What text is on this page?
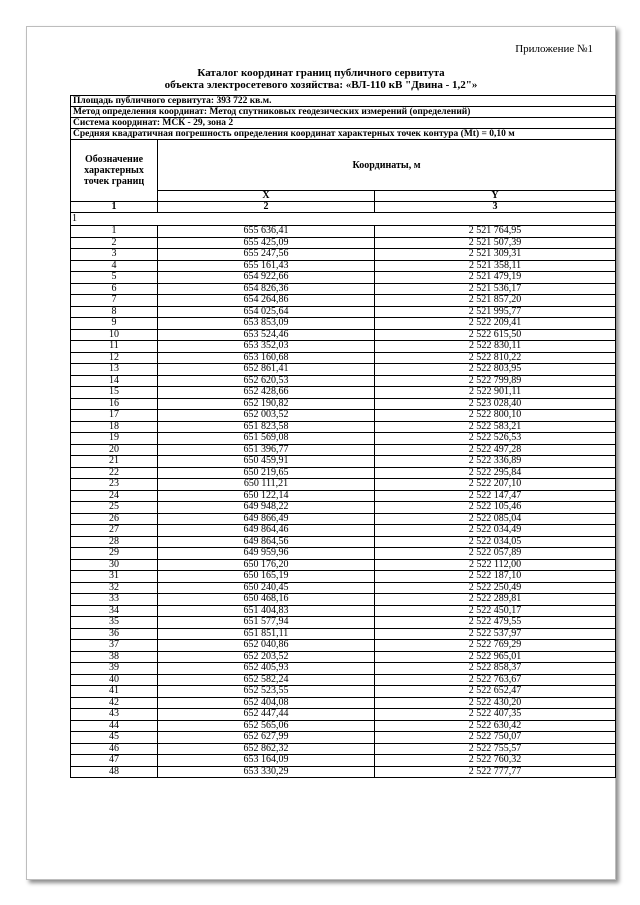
Приложение №1
Каталог координат границ публичного сервитута
объекта электросетевого хозяйства: «ВЛ-110 кВ "Двина - 1,2"»
Площадь публичного сервитута: 393 722 кв.м.		
Метод определения координат: Метод спутниковых геодезических измерений (определений)		
Система координат: МСК - 29, зона 2		
Средняя квадратичная погрешность определения координат характерных точек контура (Mt) = 0,10 м		
Обозначение характерных точек границ	Координаты, м	
	X	Y
1	2	3
1		
1	655 636,41	2 521 764,95
2	655 425,09	2 521 507,39
3	655 247,56	2 521 309,31
4	655 161,43	2 521 358,11
5	654 922,66	2 521 479,19
6	654 826,36	2 521 536,17
7	654 264,86	2 521 857,20
8	654 025,64	2 521 995,77
9	653 853,09	2 522 209,41
10	653 524,46	2 522 615,50
11	653 352,03	2 522 830,11
12	653 160,68	2 522 810,22
13	652 861,41	2 522 803,95
14	652 620,53	2 522 799,89
15	652 428,66	2 522 901,11
16	652 190,82	2 523 028,40
17	652 003,52	2 522 800,10
18	651 823,58	2 522 583,21
19	651 569,08	2 522 526,53
20	651 396,77	2 522 497,28
21	650 459,91	2 522 336,89
22	650 219,65	2 522 295,84
23	650 111,21	2 522 207,10
24	650 122,14	2 522 147,47
25	649 948,22	2 522 105,46
26	649 866,49	2 522 085,04
27	649 864,46	2 522 034,49
28	649 864,56	2 522 034,05
29	649 959,96	2 522 057,89
30	650 176,20	2 522 112,00
31	650 165,19	2 522 187,10
32	650 240,45	2 522 250,49
33	650 468,16	2 522 289,81
34	651 404,83	2 522 450,17
35	651 577,94	2 522 479,55
36	651 851,11	2 522 537,97
37	652 040,86	2 522 769,29
38	652 203,52	2 522 965,01
39	652 405,93	2 522 858,37
40	652 582,24	2 522 763,67
41	652 523,55	2 522 652,47
42	652 404,08	2 522 430,20
43	652 447,44	2 522 407,35
44	652 565,06	2 522 630,42
45	652 627,99	2 522 750,07
46	652 862,32	2 522 755,57
47	653 164,09	2 522 760,32
48	653 330,29	2 522 777,77
